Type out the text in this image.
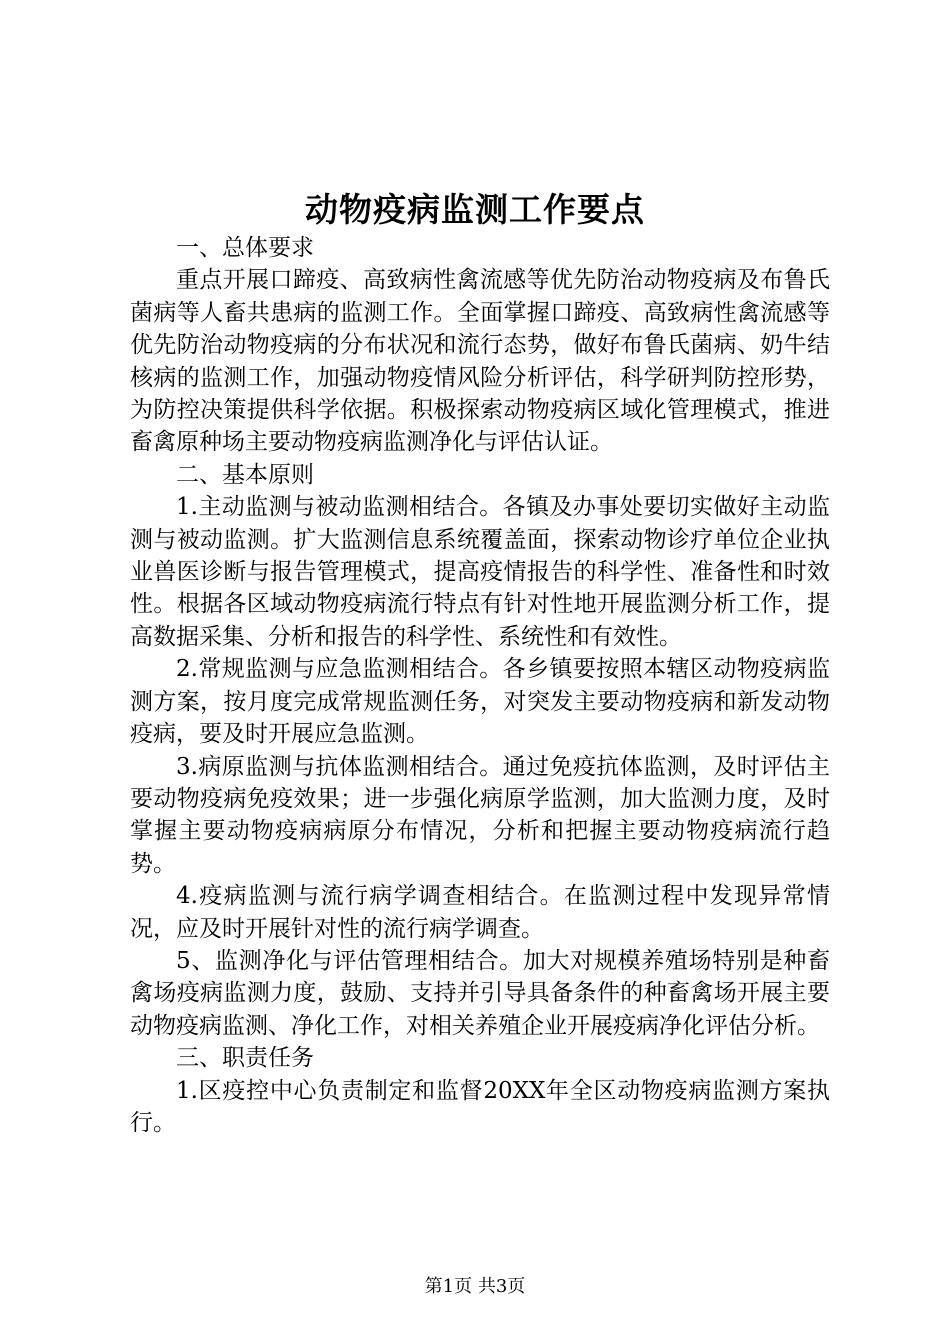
动物疫病监测工作要点

一、总体要求

重点开展口蹄疫、高致病性禽流感等优先防治动物疫病及布鲁氏菌病等人畜共患病的监测工作。全面掌握口蹄疫、高致病性禽流感等优先防治动物疫病的分布状况和流行态势，做好布鲁氏菌病、奶牛结核病的监测工作，加强动物疫情风险分析评估，科学研判防控形势，为防控决策提供科学依据。积极探索动物疫病区域化管理模式，推进畜禽原种场主要动物疫病监测净化与评估认证。

二、基本原则

1.主动监测与被动监测相结合。各镇及办事处要切实做好主动监测与被动监测。扩大监测信息系统覆盖面，探索动物诊疗单位企业执业兽医诊断与报告管理模式，提高疫情报告的科学性、准备性和时效性。根据各区域动物疫病流行特点有针对性地开展监测分析工作，提高数据采集、分析和报告的科学性、系统性和有效性。

2.常规监测与应急监测相结合。各乡镇要按照本辖区动物疫病监测方案，按月度完成常规监测任务，对突发主要动物疫病和新发动物疫病，要及时开展应急监测。

3.病原监测与抗体监测相结合。通过免疫抗体监测，及时评估主要动物疫病免疫效果；进一步强化病原学监测，加大监测力度，及时掌握主要动物疫病病原分布情况，分析和把握主要动物疫病流行趋势。

4.疫病监测与流行病学调查相结合。在监测过程中发现异常情况，应及时开展针对性的流行病学调查。

5、监测净化与评估管理相结合。加大对规模养殖场特别是种畜禽场疫病监测力度，鼓励、支持并引导具备条件的种畜禽场开展主要动物疫病监测、净化工作，对相关养殖企业开展疫病净化评估分析。

三、职责任务

1.区疫控中心负责制定和监督20XX年全区动物疫病监测方案执行。

第1页 共3页
